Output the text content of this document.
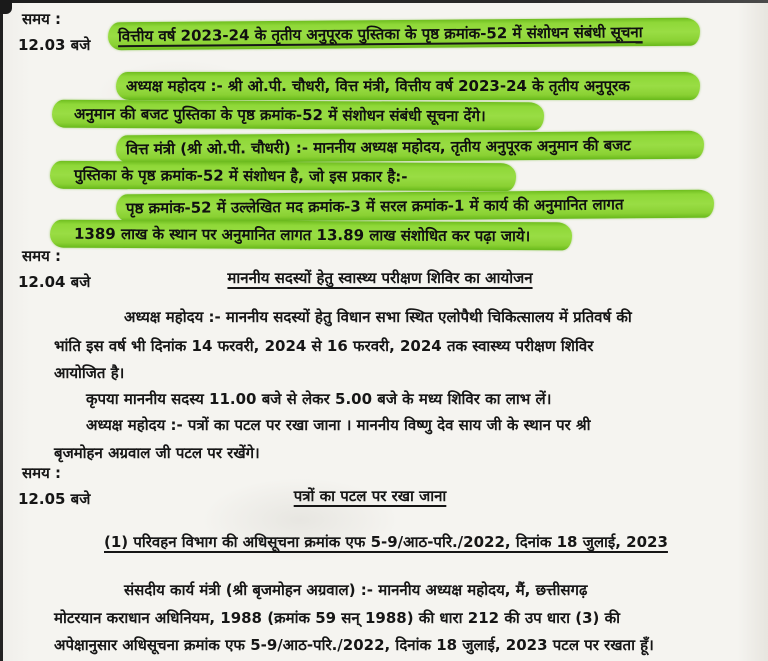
समय :
12.03 बजे	वित्तीय वर्ष 2023-24 के तृतीय अनुपूरक पुस्तिका के पृष्ठ क्रमांक-52 में संशोधन संबंधी सूचना
अध्यक्ष महोदय :- श्री ओ.पी. चौधरी, वित्त मंत्री, वित्तीय वर्ष 2023-24 के तृतीय अनुपूरक
अनुमान की बजट पुस्तिका के पृष्ठ क्रमांक-52 में संशोधन संबंधी सूचना देंगे।
वित्त मंत्री (श्री ओ.पी. चौधरी) :- माननीय अध्यक्ष महोदय, तृतीय अनुपूरक अनुमान की बजट
पुस्तिका के पृष्ठ क्रमांक-52 में संशोधन है, जो इस प्रकार है:-
पृष्ठ क्रमांक-52 में उल्लेखित मद क्रमांक-3 में सरल क्रमांक-1 में कार्य की अनुमानित लागत
1389 लाख के स्थान पर अनुमानित लागत 13.89 लाख संशोधित कर पढ़ा जाये।
समय :
12.04 बजे	माननीय सदस्यों हेतु स्वास्थ्य परीक्षण शिविर का आयोजन
अध्यक्ष महोदय :- माननीय सदस्यों हेतु विधान सभा स्थित एलोपैथी चिकित्सालय में प्रतिवर्ष की
भांति इस वर्ष भी दिनांक 14 फरवरी, 2024 से 16 फरवरी, 2024 तक स्वास्थ्य परीक्षण शिविर
आयोजित है।
कृपया माननीय सदस्य 11.00 बजे से लेकर 5.00 बजे के मध्य शिविर का लाभ लें।
अध्यक्ष महोदय :- पत्रों का पटल पर रखा जाना । माननीय विष्णु देव साय जी के स्थान पर श्री
बृजमोहन अग्रवाल जी पटल पर रखेंगे।
समय :
12.05 बजे	पत्रों का पटल पर रखा जाना
(1) परिवहन विभाग की अधिसूचना क्रमांक एफ 5-9/आठ-परि./2022, दिनांक 18 जुलाई, 2023
संसदीय कार्य मंत्री (श्री बृजमोहन अग्रवाल) :- माननीय अध्यक्ष महोदय, मैं, छत्तीसगढ़
मोटरयान कराधान अधिनियम, 1988 (क्रमांक 59 सन् 1988) की धारा 212 की उप धारा (3) की
अपेक्षानुसार अधिसूचना क्रमांक एफ 5-9/आठ-परि./2022, दिनांक 18 जुलाई, 2023 पटल पर रखता हूँ।
